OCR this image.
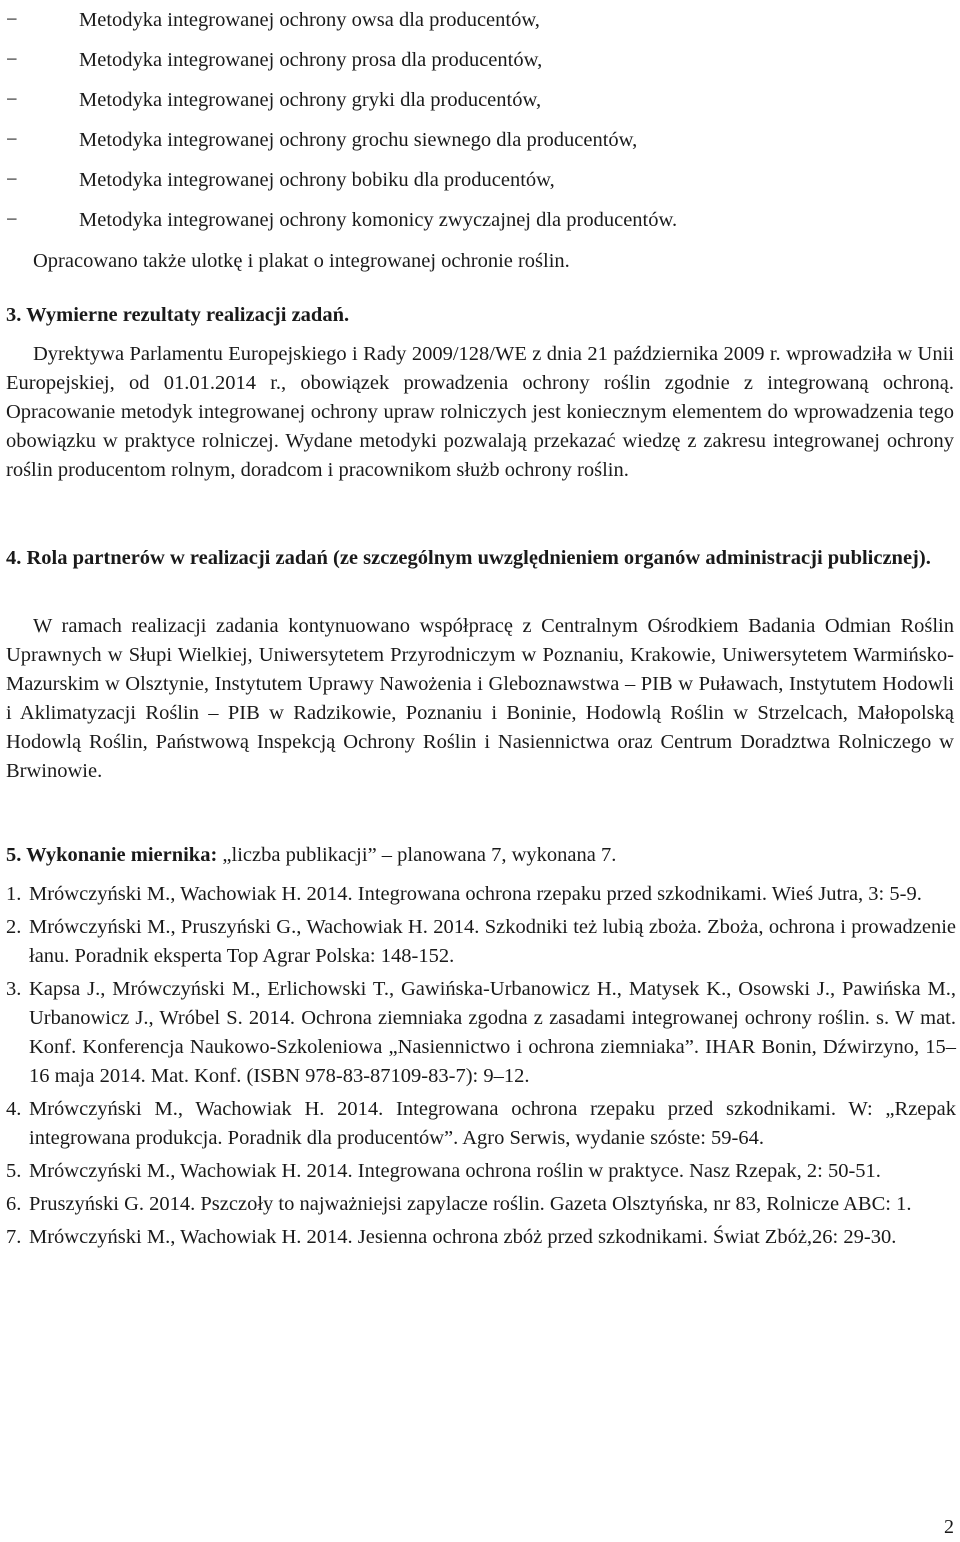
−	Metodyka integrowanej ochrony owsa dla producentów,
−	Metodyka integrowanej ochrony prosa dla producentów,
−	Metodyka integrowanej ochrony gryki dla producentów,
−	Metodyka integrowanej ochrony grochu siewnego dla producentów,
−	Metodyka integrowanej ochrony bobiku dla producentów,
−	Metodyka integrowanej ochrony komonicy zwyczajnej dla producentów.
Opracowano także ulotkę i plakat o integrowanej ochronie roślin.
3. Wymierne rezultaty realizacji zadań.

Dyrektywa Parlamentu Europejskiego i Rady 2009/128/WE z dnia 21 października 2009 r. wprowadziła w Unii Europejskiej, od 01.01.2014 r., obowiązek prowadzenia ochrony roślin zgodnie z integrowaną ochroną. Opracowanie metodyk integrowanej ochrony upraw rolniczych jest koniecznym elementem do wprowadzenia tego obowiązku w praktyce rolniczej. Wydane metodyki pozwalają przekazać wiedzę z zakresu integrowanej ochrony roślin producentom rolnym, doradcom i pracownikom służb ochrony roślin.

4. Rola partnerów w realizacji zadań (ze szczególnym uwzględnieniem organów administracji publicznej).

W ramach realizacji zadania kontynuowano współpracę z Centralnym Ośrodkiem Badania Odmian Roślin Uprawnych w Słupi Wielkiej, Uniwersytetem Przyrodniczym w Poznaniu, Krakowie, Uniwersytetem Warmińsko-Mazurskim w Olsztynie, Instytutem Uprawy Nawożenia i Gleboznawstwa – PIB w Puławach, Instytutem Hodowli i Aklimatyzacji Roślin – PIB w Radzikowie, Poznaniu i Boninie, Hodowlą Roślin w Strzelcach, Małopolską Hodowlą Roślin, Państwową Inspekcją Ochrony Roślin i Nasiennictwa oraz Centrum Doradztwa Rolniczego w Brwinowie.

5. Wykonanie miernika: „liczba publikacji” – planowana 7, wykonana 7.
1. Mrówczyński M., Wachowiak H. 2014. Integrowana ochrona rzepaku przed szkodnikami. Wieś Jutra, 3: 5-9.
2. Mrówczyński M., Pruszyński G., Wachowiak H. 2014. Szkodniki też lubią zboża. Zboża, ochrona i prowadzenie łanu. Poradnik eksperta Top Agrar Polska: 148-152.
3. Kapsa J., Mrówczyński M., Erlichowski T., Gawińska-Urbanowicz H., Matysek K., Osowski J., Pawińska M., Urbanowicz J., Wróbel S. 2014. Ochrona ziemniaka zgodna z zasadami integrowanej ochrony roślin. s. W mat. Konf. Konferencja Naukowo-Szkoleniowa „Nasiennictwo i ochrona ziemniaka”. IHAR Bonin, Dźwirzyno, 15–16 maja 2014. Mat. Konf. (ISBN 978-83-87109-83-7): 9–12.
4. Mrówczyński M., Wachowiak H. 2014. Integrowana ochrona rzepaku przed szkodnikami. W: „Rzepak integrowana produkcja. Poradnik dla producentów”. Agro Serwis, wydanie szóste: 59-64.
5. Mrówczyński M., Wachowiak H. 2014. Integrowana ochrona roślin w praktyce. Nasz Rzepak, 2: 50-51.
6. Pruszyński G. 2014. Pszczoły to najważniejsi zapylacze roślin. Gazeta Olsztyńska, nr 83, Rolnicze ABC: 1.
7. Mrówczyński M., Wachowiak H. 2014. Jesienna ochrona zbóż przed szkodnikami. Świat Zbóż,26: 29-30.
2
